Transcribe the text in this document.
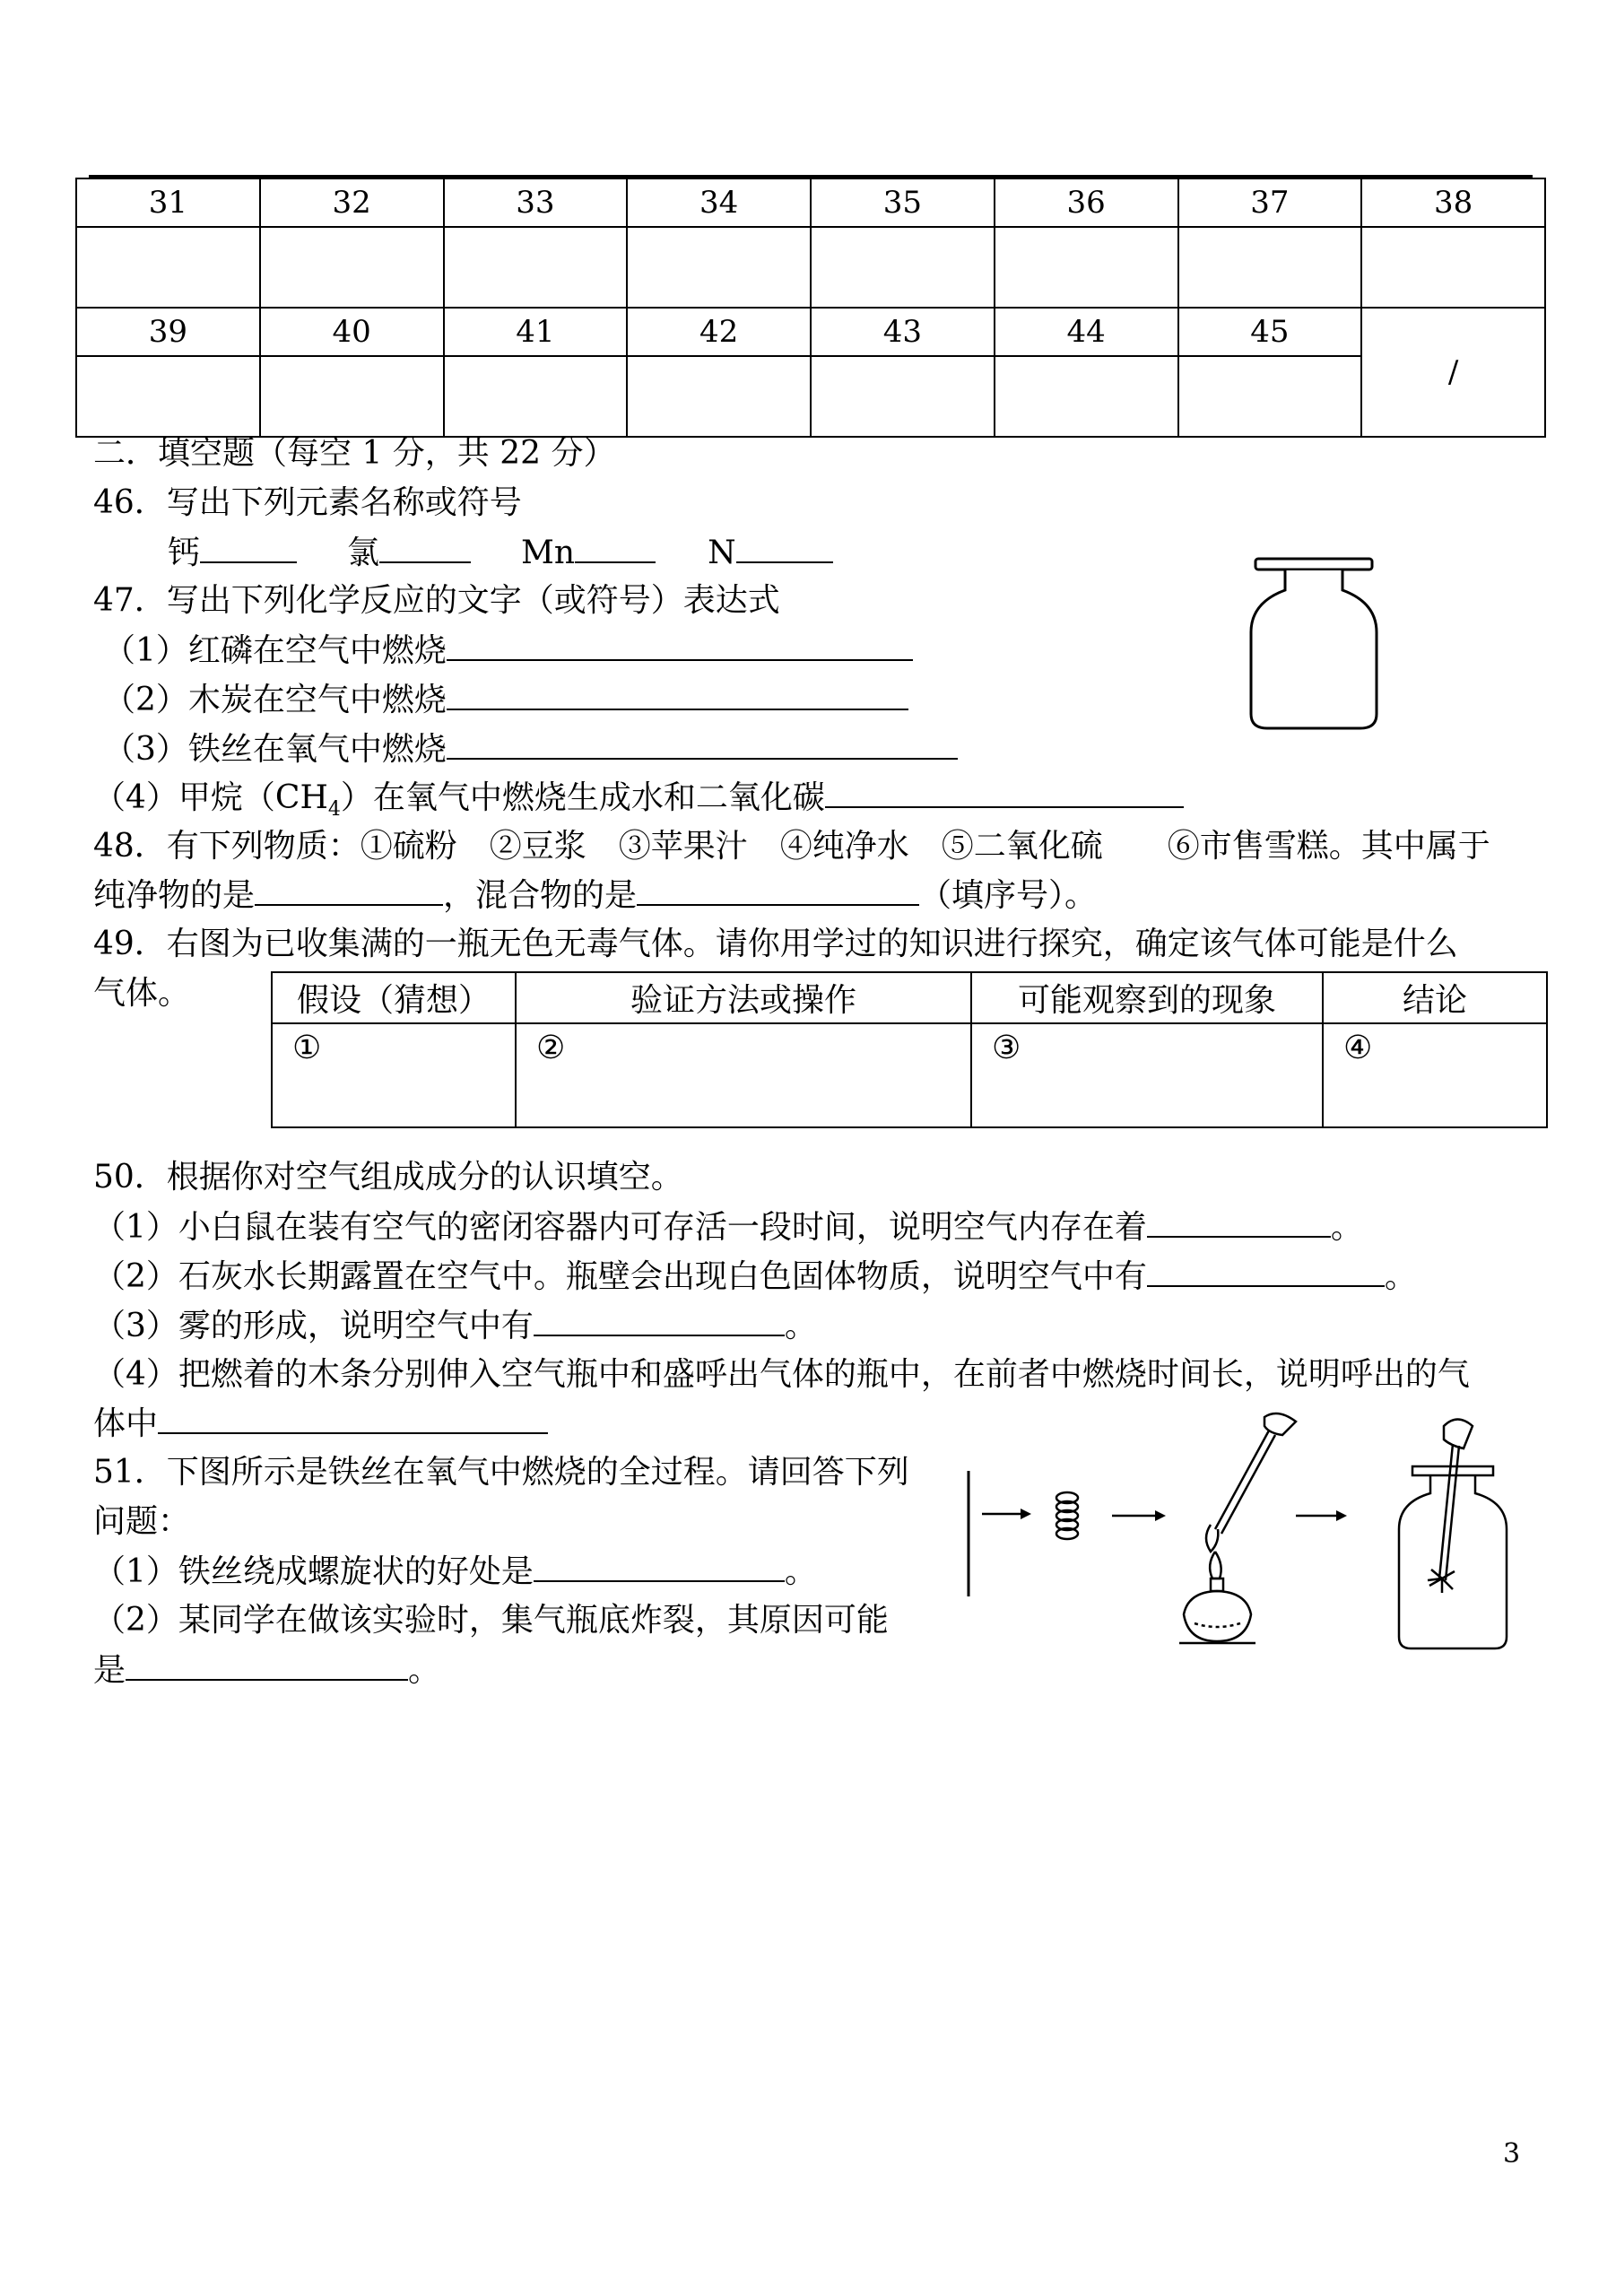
31	32	33	34	35	36	37	38

39	40	41	42	43	44	45	/

二．填空题（每空 1 分，共 22 分）
46．写出下列元素名称或符号
钙	氯	Mn	N
47．写出下列化学反应的文字（或符号）表达式
（1）红磷在空气中燃烧
（2）木炭在空气中燃烧
（3）铁丝在氧气中燃烧
（4）甲烷$(CH_4)$在氧气中燃烧生成水和二氧化碳
48．有下列物质：①硫粉　②豆浆　③苹果汁　④纯净水　⑤二氧化硫　　⑥市售雪糕。其中属于
纯净物的是	，混合物的是	（填序号）。
49．右图为已收集满的一瓶无色无毒气体。请你用学过的知识进行探究，确定该气体可能是什么
气体。	假设（猜想）	验证方法或操作	可能观察到的现象	结论
①	②	③	④
50．根据你对空气组成成分的认识填空。
（1）小白鼠在装有空气的密闭容器内可存活一段时间，说明空气内存在着	。
（2）石灰水长期露置在空气中。瓶壁会出现白色固体物质，说明空气中有	。
（3）雾的形成，说明空气中有	。
（4）把燃着的木条分别伸入空气瓶中和盛呼出气体的瓶中，在前者中燃烧时间长，说明呼出的气
体中
51．下图所示是铁丝在氧气中燃烧的全过程。请回答下列
问题：
（1）铁丝绕成螺旋状的好处是	。
（2）某同学在做该实验时，集气瓶底炸裂，其原因可能
是	。
3
